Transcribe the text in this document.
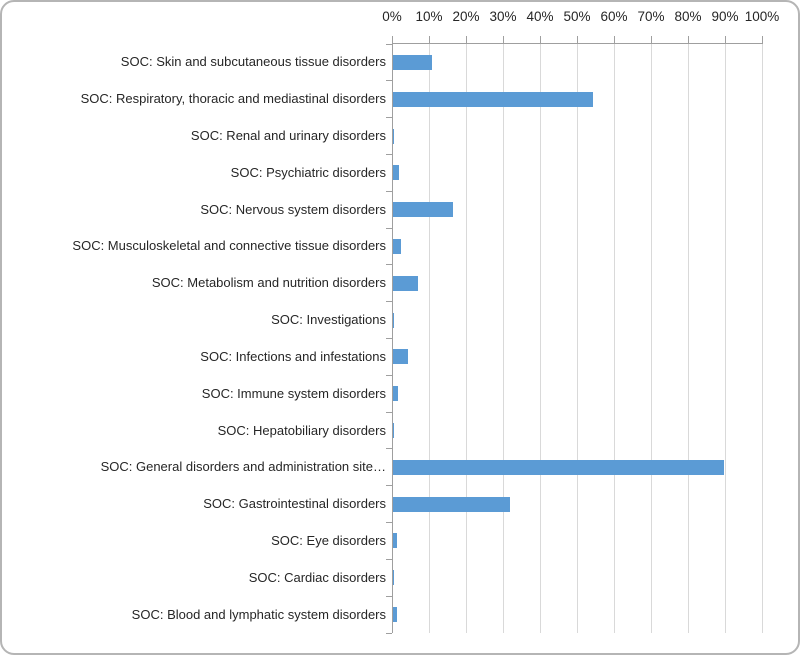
0% 10% 20% 30% 40% 50% 60% 70% 80% 90% 100%
SOC: Skin and subcutaneous tissue disorders
SOC: Respiratory, thoracic and mediastinal disorders
SOC: Renal and urinary disorders
SOC: Psychiatric disorders
SOC: Nervous system disorders
SOC: Musculoskeletal and connective tissue disorders
SOC: Metabolism and nutrition disorders
SOC: Investigations
SOC: Infections and infestations
SOC: Immune system disorders
SOC: Hepatobiliary disorders
SOC: General disorders and administration site…
SOC: Gastrointestinal disorders
SOC: Eye disorders
SOC: Cardiac disorders
SOC: Blood and lymphatic system disorders
